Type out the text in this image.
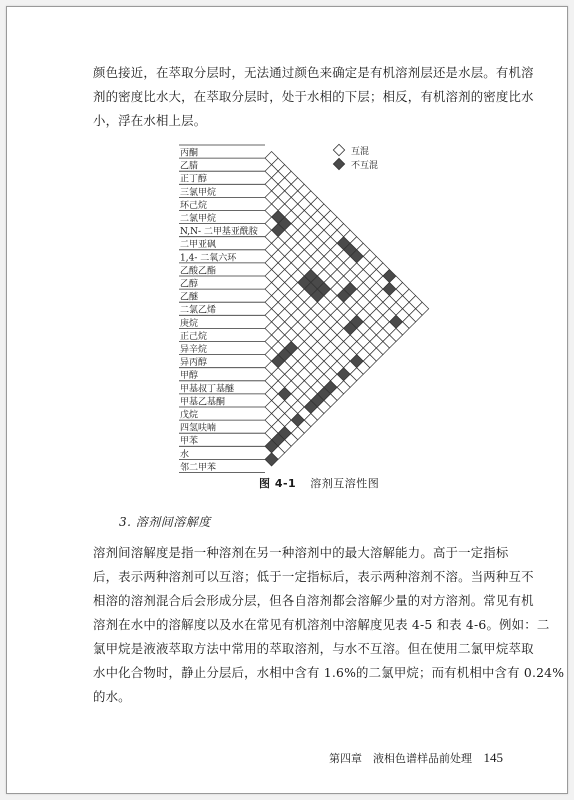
颜色接近，在萃取分层时，无法通过颜色来确定是有机溶剂层还是水层。有机溶
剂的密度比水大，在萃取分层时，处于水相的下层；相反，有机溶剂的密度比水
小，浮在水相上层。
丙酮
乙腈
正丁醇
三氯甲烷
环己烷
二氯甲烷
N,N- 二甲基亚酰胺
二甲亚砜
1,4- 二氧六环
乙酸乙酯
乙醇
乙醚
二氯乙烯
庚烷
正己烷
异辛烷
异丙醇
甲醇
甲基叔丁基醚
甲基乙基酮
戊烷
四氢呋喃
甲苯
水
邻二甲苯
互混
不互混
图 4-1 溶剂互溶性图
3. 溶剂间溶解度
溶剂间溶解度是指一种溶剂在另一种溶剂中的最大溶解能力。高于一定指标
后，表示两种溶剂可以互溶；低于一定指标后，表示两种溶剂不溶。当两种互不
相溶的溶剂混合后会形成分层，但各自溶剂都会溶解少量的对方溶剂。常见有机
溶剂在水中的溶解度以及水在常见有机溶剂中溶解度见表 4-5 和表 4-6。例如：二
氯甲烷是液液萃取方法中常用的萃取溶剂，与水不互溶。但在使用二氯甲烷萃取
水中化合物时，静止分层后，水相中含有 1.6%的二氯甲烷；而有机相中含有 0.24%
的水。
第四章　液相色谱样品前处理 145
